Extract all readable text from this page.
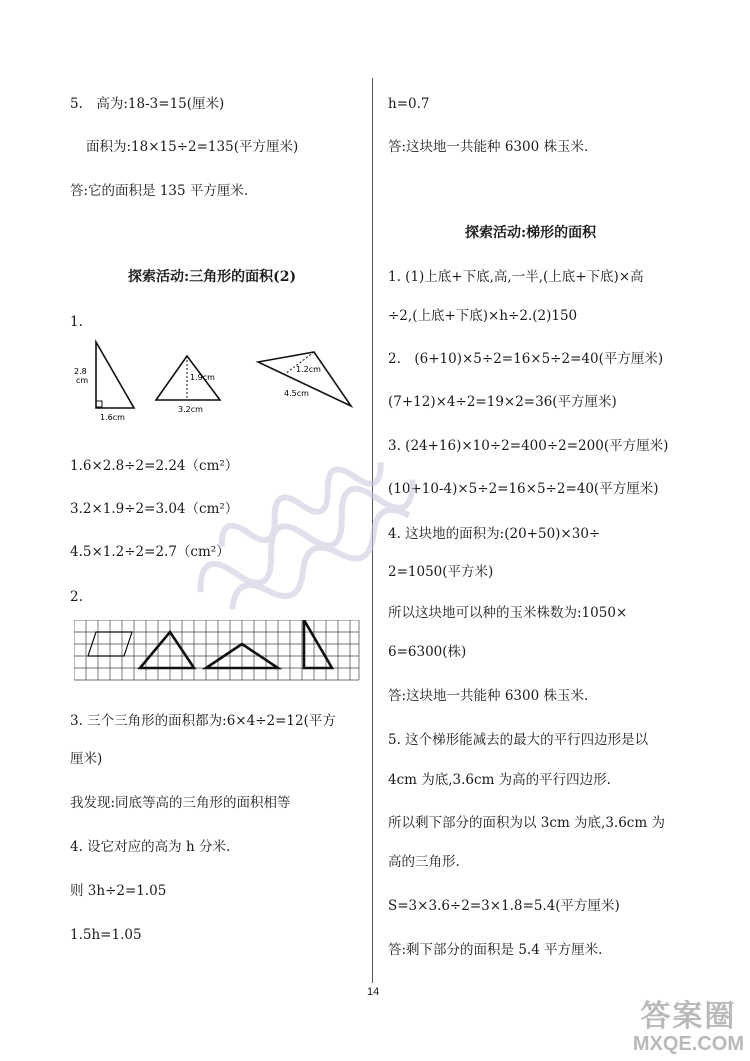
5.　高为:18-3=15(厘米)
面积为:18×15÷2=135(平方厘米)
答:它的面积是 135 平方厘米.
探索活动:三角形的面积(2)
1.
2.8
cm
1.6cm
1.9cm
3.2cm
1.2cm
4.5cm
1.6×2.8÷2=2.24（cm²）
3.2×1.9÷2=3.04（cm²）
4.5×1.2÷2=2.7（cm²）
2.
3. 三个三角形的面积都为:6×4÷2=12(平方
厘米)
我发现:同底等高的三角形的面积相等
4. 设它对应的高为 h 分米.
则 3h÷2=1.05
1.5h=1.05
h=0.7
答:这块地一共能种 6300 株玉米.
探索活动:梯形的面积
1. (1)上底+下底,高,一半,(上底+下底)×高
÷2,(上底+下底)×h÷2.(2)150
2.　(6+10)×5÷2=16×5÷2=40(平方厘米)
(7+12)×4÷2=19×2=36(平方厘米)
3. (24+16)×10÷2=400÷2=200(平方厘米)
(10+10-4)×5÷2=16×5÷2=40(平方厘米)
4. 这块地的面积为:(20+50)×30÷
2=1050(平方米)
所以这块地可以种的玉米株数为:1050×
6=6300(株)
答:这块地一共能种 6300 株玉米.
5. 这个梯形能减去的最大的平行四边形是以
4cm 为底,3.6cm 为高的平行四边形.
所以剩下部分的面积为以 3cm 为底,3.6cm 为
高的三角形.
S=3×3.6÷2=3×1.8=5.4(平方厘米)
答:剩下部分的面积是 5.4 平方厘米.
14
答案圈
MXQE.COM
